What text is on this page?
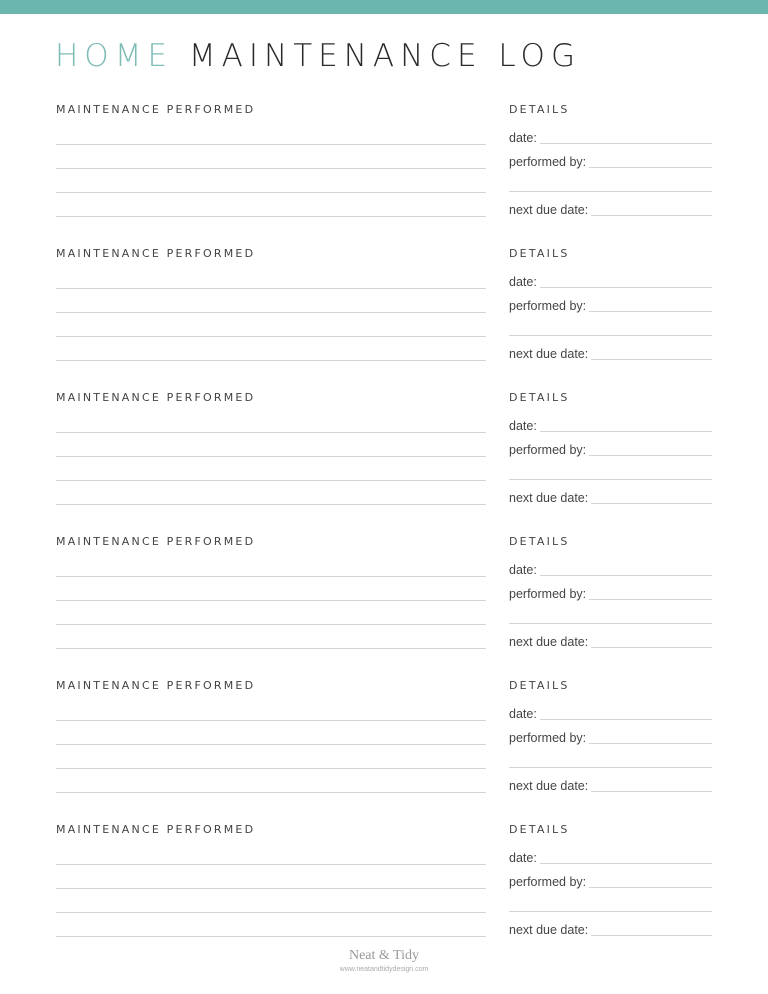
HOME MAINTENANCE LOG
MAINTENANCE PERFORMED	DETAILS
date:
performed by:
next due date:
MAINTENANCE PERFORMED	DETAILS
date:
performed by:
next due date:
MAINTENANCE PERFORMED	DETAILS
date:
performed by:
next due date:
MAINTENANCE PERFORMED	DETAILS
date:
performed by:
next due date:
MAINTENANCE PERFORMED	DETAILS
date:
performed by:
next due date:
MAINTENANCE PERFORMED	DETAILS
date:
performed by:
next due date:
Neat & Tidy
www.neatandtidydesign.com
